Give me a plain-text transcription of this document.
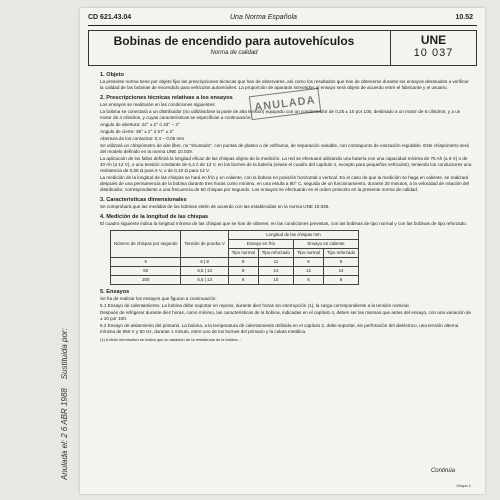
CD 621.43.04	Una Norma Española	10.52
Bobinas de encendido para autovehículos
Norma de calidad
UNE
10 037
ANULADA
1. Objeto

La presente norma tiene por objeto fijar las prescripciones técnicas que han de observarse, así como los resultados que han de obtenerse durante los ensayos destinados a verificar la calidad de las bobinas de encendido para vehículos automóviles. La proporción de aparatos sometidos al ensayo será objeto de acuerdo entre el fabricante y el usuario.

2. Prescripciones técnicas relativas a los ensayos

Los ensayos se realizarán en las condiciones siguientes:

La bobina se conectará a un distribuidor (no utilizándose la parte de alta tensión) equipado con un condensador de 0,25 ± 10 por 100, destinado a un motor de 6 cilindros, y a un motor de 4 cilindros, y cuyas características se especifican a continuación:

Angulo de abertura: 22° ± 2° ó 33° − 2°

Angulo de cierre: 38° ± 2° ó 57° ± 2°

Abertura de los contactos: 0,4 − 0,05 mm

Se utilizará un chispómetro de aire libre, no "shuntado", con puntas de platino o de volframio, de separación variable, con contrapunto de ionización regulable. Este chispómetro será del modelo definido en la norma UNE 10.029.

La aplicación de los fallos definirá la longitud eficaz de las chispas objeto de la medición. La red se efectuará utilizando una batería con una capacidad mínima de 75 Ah (a 6 V) o de 40 Ah (a 12 V), o una tensión constante de 6,3 ó de 13 V, en los bornes de la batería (véase el cuadro del capítulo 4, excepto para pequeños vehículos), teniendo los conductores una resistencia de 0,06 Ω para 6 V, o de 0,10 Ω para 12 V.

La medición de la longitud de las chispas se hará en frío y en caliente, con la bobina en posición horizontal o vertical. En el caso de que la medición se haga en caliente, se realizará después de una permanencia de la bobina durante tres horas como mínimo, en una estufa a 80° C, seguida de un funcionamiento, durante 30 minutos, a la velocidad de rotación del distribuidor, correspondiente a una frecuencia de 60 chispas por segundo. Los ensayos se efectuarán en el orden prescrito en la presente norma de calidad.

3. Características dimensionales

Se comprobará que las medidas de las bobinas estén de acuerdo con las establecidas en la norma UNE 10.035.

4. Medición de la longitud de las chispas

El cuadro siguiente indica la longitud mínima de las chispas que se han de obtener, en las condiciones previstas, con las bobinas de tipo normal y con las bobinas de tipo reforzado.

Número de chispas por segundo	Tensión de prueba V	Longitud de las chispas mm			
		Ensayo en frío		Ensayo en caliente	
		Tipo normal	Tipo reforzado	Tipo normal	Tipo reforzado
6	6 | 8	8	11	6	9
50	6,5 | 13	8	14	12	14
200	6,5 | 13	8	10	6	8
5. Ensayos

Se ha de realizar los ensayos que figuran a continuación:

5.1 Ensayo de calentamiento. La bobina debe soportar en reposo, durante diez horas sin interrupción (1), la carga correspondiente a la tensión nominal.

Después de refrigerar durante diez horas, como mínimo, las características de la bobina, indicadas en el capítulo 4, deben ser las mismas que antes del ensayo, con una variación de ± 10 por 100.

5.2 Ensayo de aislamiento del primario. La bobina, a la temperatura de calentamiento definida en el capítulo 2, debe soportar, sin perforación del dieléctrico, una tensión alterna mínima de 550 V y 50 Hz, durante 1 minuto, entre uno de los bornes del primario y la culata metálica.

(1) A título informativo se indica que la variación de la resistencia de la bobina ...

Continúa
Grupo 1
Anulada el: 2 6 ABR 1988    Sustituida por:
